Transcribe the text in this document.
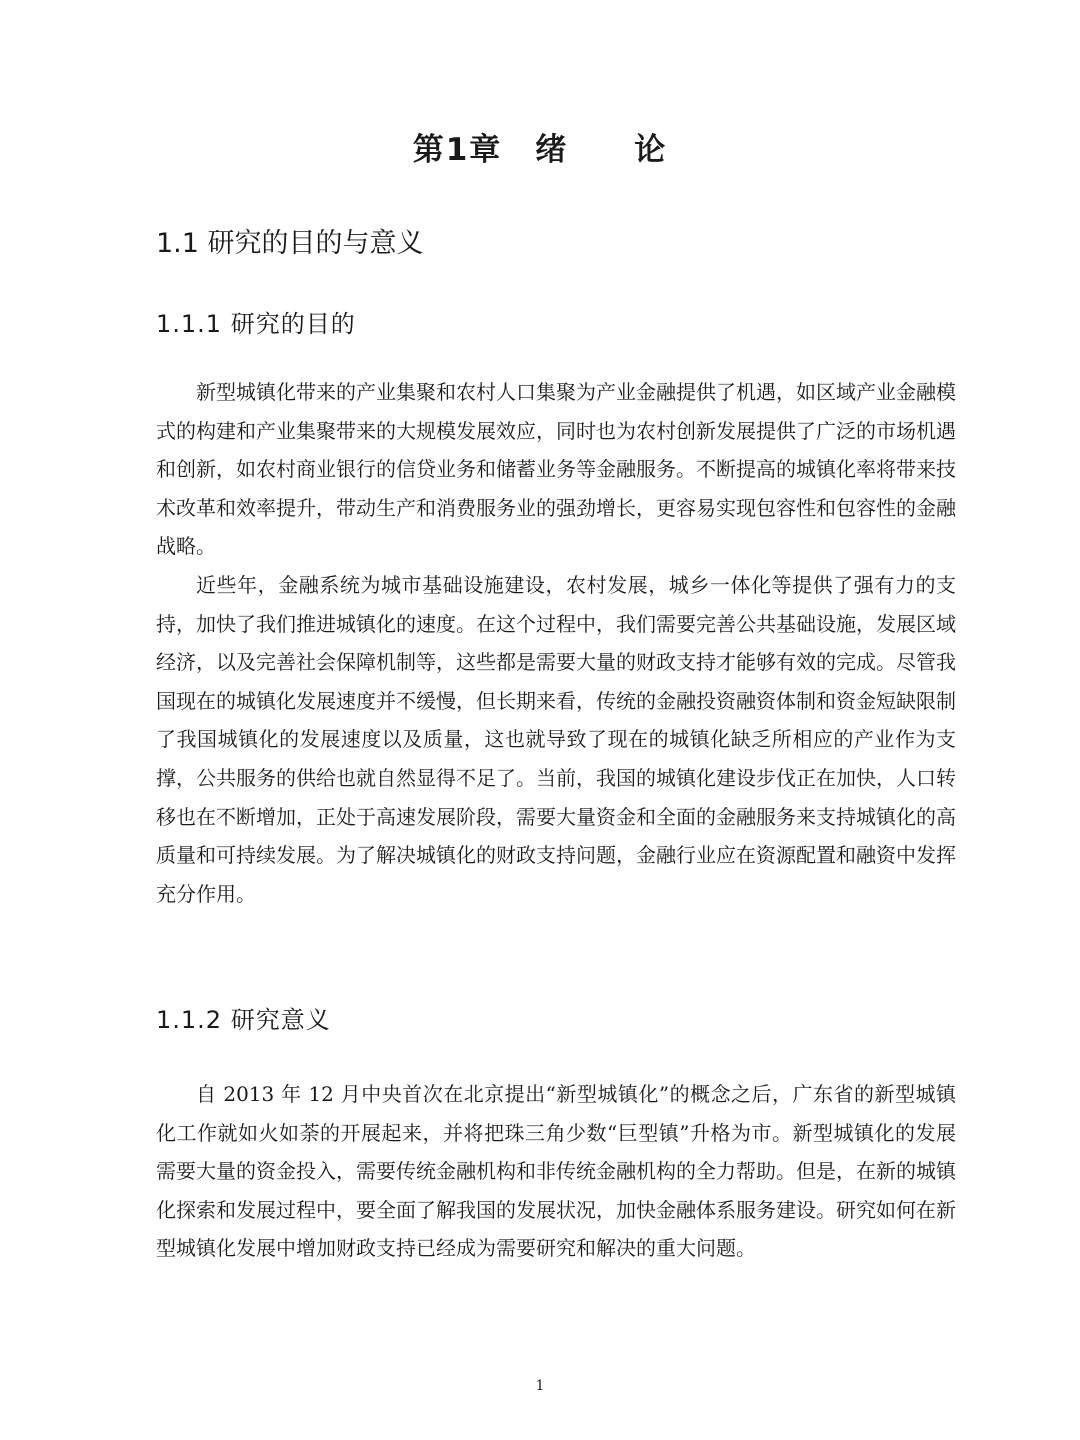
第1章　绪　　论
1.1 研究的目的与意义
1.1.1 研究的目的

新型城镇化带来的产业集聚和农村人口集聚为产业金融提供了机遇，如区域产业金融模式的构建和产业集聚带来的大规模发展效应，同时也为农村创新发展提供了广泛的市场机遇和创新，如农村商业银行的信贷业务和储蓄业务等金融服务。不断提高的城镇化率将带来技术改革和效率提升，带动生产和消费服务业的强劲增长，更容易实现包容性和包容性的金融战略。

近些年，金融系统为城市基础设施建设，农村发展，城乡一体化等提供了强有力的支持，加快了我们推进城镇化的速度。在这个过程中，我们需要完善公共基础设施，发展区域经济，以及完善社会保障机制等，这些都是需要大量的财政支持才能够有效的完成。尽管我国现在的城镇化发展速度并不缓慢，但长期来看，传统的金融投资融资体制和资金短缺限制了我国城镇化的发展速度以及质量，这也就导致了现在的城镇化缺乏所相应的产业作为支撑，公共服务的供给也就自然显得不足了。当前，我国的城镇化建设步伐正在加快，人口转移也在不断增加，正处于高速发展阶段，需要大量资金和全面的金融服务来支持城镇化的高质量和可持续发展。为了解决城镇化的财政支持问题，金融行业应在资源配置和融资中发挥充分作用。

1.1.2 研究意义

自 2013 年 12 月中央首次在北京提出“新型城镇化”的概念之后，广东省的新型城镇化工作就如火如荼的开展起来，并将把珠三角少数“巨型镇”升格为市。新型城镇化的发展需要大量的资金投入，需要传统金融机构和非传统金融机构的全力帮助。但是，在新的城镇化探索和发展过程中，要全面了解我国的发展状况，加快金融体系服务建设。研究如何在新型城镇化发展中增加财政支持已经成为需要研究和解决的重大问题。

1
